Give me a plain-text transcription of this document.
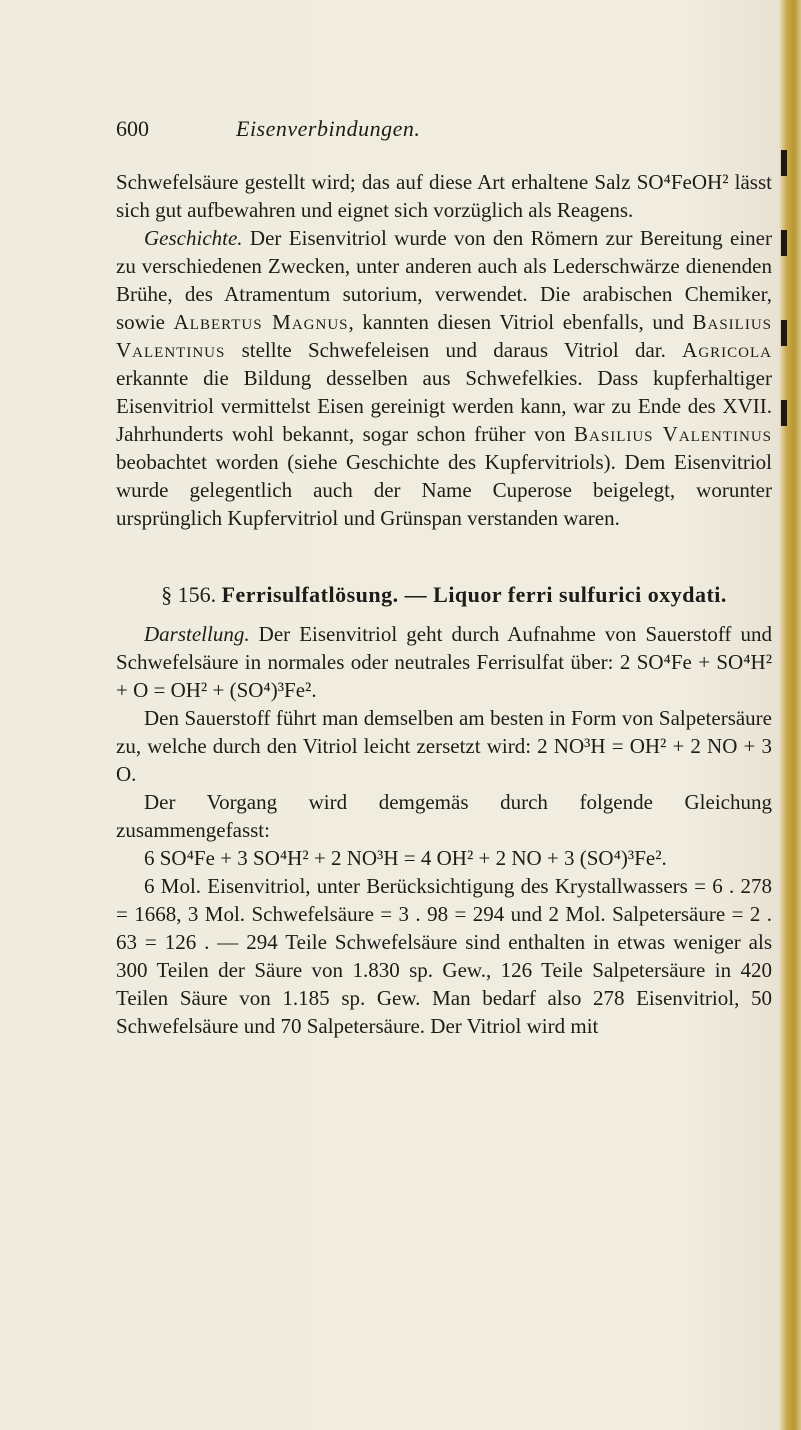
600	Eisenverbindungen.

Schwefelsäure gestellt wird; das auf diese Art erhaltene Salz SO⁴FeOH² lässt sich gut aufbewahren und eignet sich vorzüglich als Reagens.

Geschichte. Der Eisenvitriol wurde von den Römern zur Bereitung einer zu verschiedenen Zwecken, unter anderen auch als Lederschwärze dienenden Brühe, des Atramentum sutorium, verwendet. Die arabischen Chemiker, sowie Albertus Magnus, kannten diesen Vitriol ebenfalls, und Basilius Valentinus stellte Schwefeleisen und daraus Vitriol dar. Agricola erkannte die Bildung desselben aus Schwefelkies. Dass kupferhaltiger Eisenvitriol vermittelst Eisen gereinigt werden kann, war zu Ende des XVII. Jahrhunderts wohl bekannt, sogar schon früher von Basilius Valentinus beobachtet worden (siehe Geschichte des Kupfervitriols). Dem Eisenvitriol wurde gelegentlich auch der Name Cuperose beigelegt, worunter ursprünglich Kupfervitriol und Grünspan verstanden waren.

§ 156. Ferrisulfatlösung. — Liquor ferri sulfurici oxydati.

Darstellung. Der Eisenvitriol geht durch Aufnahme von Sauerstoff und Schwefelsäure in normales oder neutrales Ferrisulfat über: 2 SO⁴Fe + SO⁴H² + O = OH² + (SO⁴)³Fe².

Den Sauerstoff führt man demselben am besten in Form von Salpetersäure zu, welche durch den Vitriol leicht zersetzt wird: 2 NO³H = OH² + 2 NO + 3 O.

Der Vorgang wird demgemäs durch folgende Gleichung zusammengefasst:

6 SO⁴Fe + 3 SO⁴H² + 2 NO³H = 4 OH² + 2 NO + 3 (SO⁴)³Fe².

6 Mol. Eisenvitriol, unter Berücksichtigung des Krystallwassers = 6 . 278 = 1668, 3 Mol. Schwefelsäure = 3 . 98 = 294 und 2 Mol. Salpetersäure = 2 . 63 = 126 . — 294 Teile Schwefelsäure sind enthalten in etwas weniger als 300 Teilen der Säure von 1.830 sp. Gew., 126 Teile Salpetersäure in 420 Teilen Säure von 1.185 sp. Gew. Man bedarf also 278 Eisenvitriol, 50 Schwefelsäure und 70 Salpetersäure. Der Vitriol wird mit
